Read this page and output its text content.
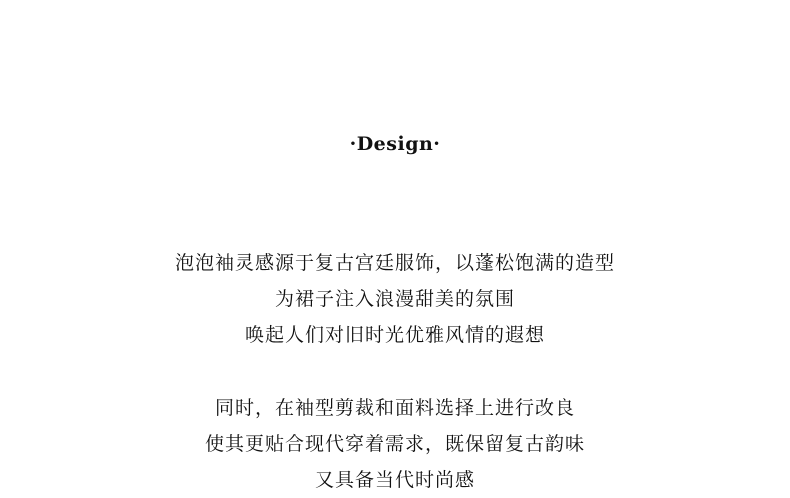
·Design·
泡泡袖灵感源于复古宫廷服饰，以蓬松饱满的造型
为裙子注入浪漫甜美的氛围
唤起人们对旧时光优雅风情的遐想
同时，在袖型剪裁和面料选择上进行改良
使其更贴合现代穿着需求，既保留复古韵味
又具备当代时尚感
